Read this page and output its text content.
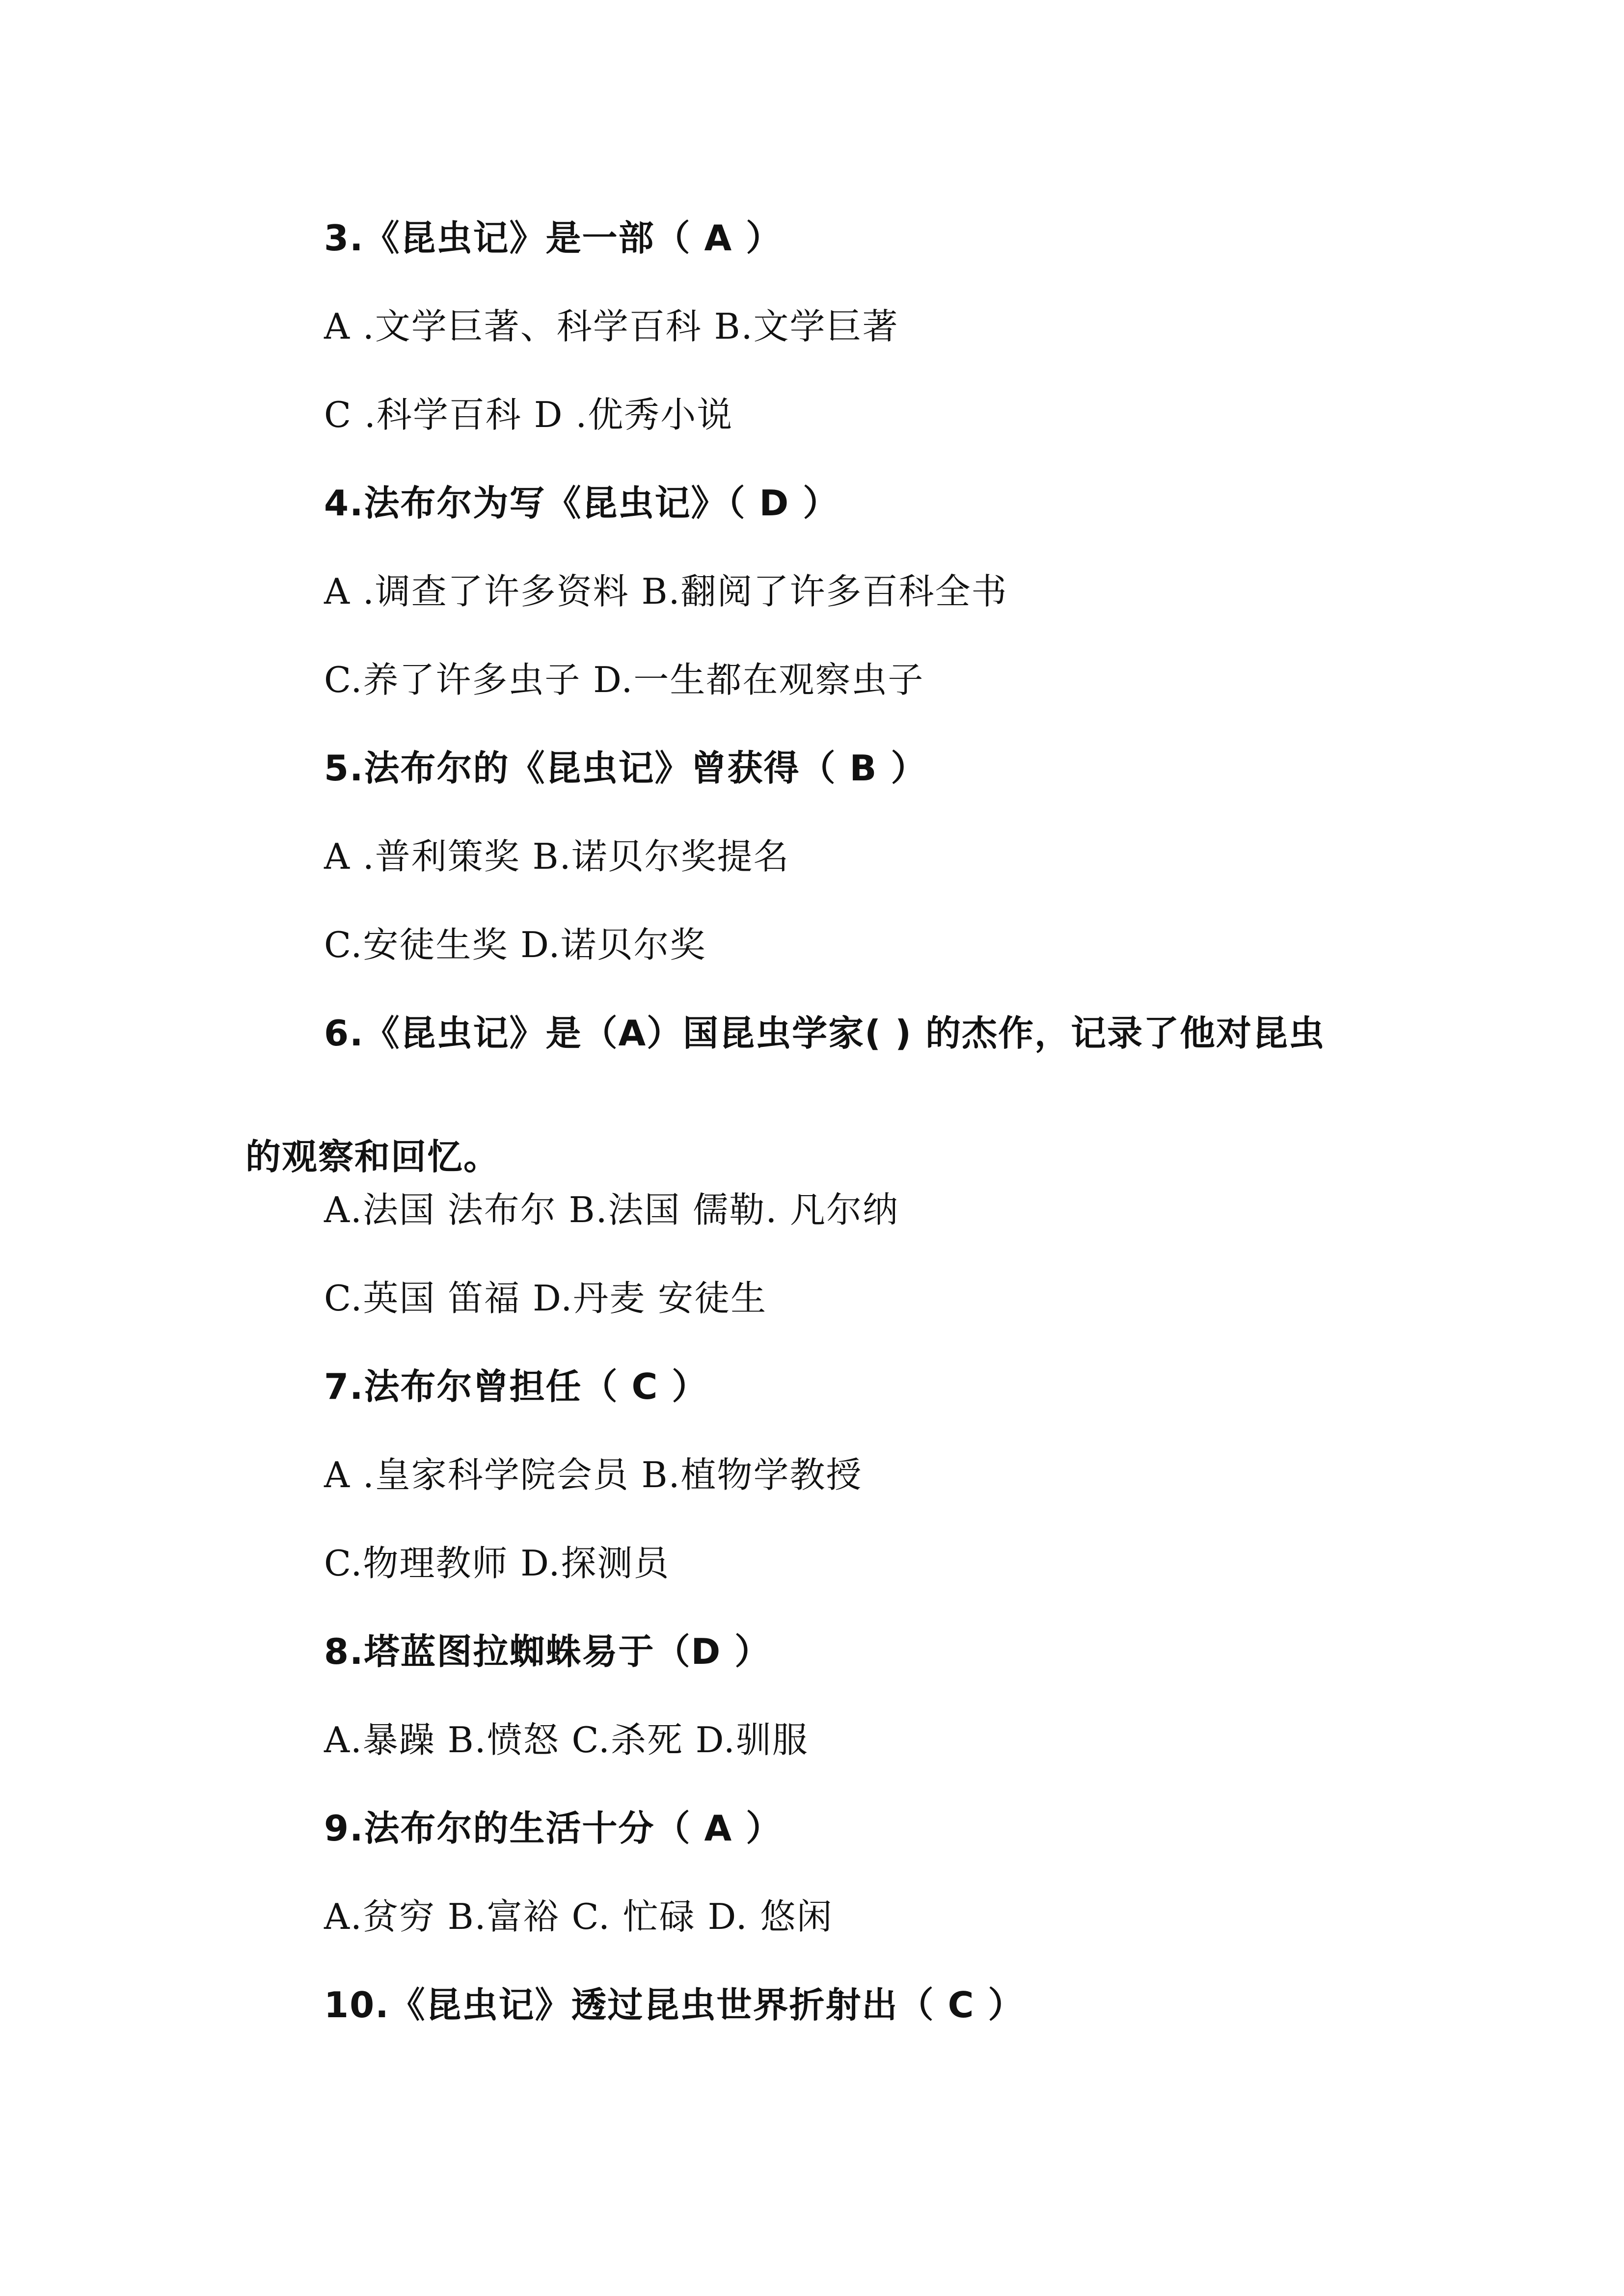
3.《昆虫记》是一部（ A ）

A .文学巨著、科学百科 B.文学巨著

C .科学百科 D .优秀小说

4.法布尔为写《昆虫记》（ D ）

A .调查了许多资料 B.翻阅了许多百科全书

C.养了许多虫子 D.一生都在观察虫子

5.法布尔的《昆虫记》曾获得（ B ）

A .普利策奖 B.诺贝尔奖提名

C.安徒生奖 D.诺贝尔奖

6.《昆虫记》是（A）国昆虫学家( ) 的杰作，记录了他对昆虫

的观察和回忆。

A.法国 法布尔 B.法国 儒勒. 凡尔纳

C.英国 笛福 D.丹麦 安徒生

7.法布尔曾担任（ C ）

A .皇家科学院会员 B.植物学教授

C.物理教师 D.探测员

8.塔蓝图拉蜘蛛易于（D ）

A.暴躁 B.愤怒 C.杀死 D.驯服

9.法布尔的生活十分（ A ）

A.贫穷 B.富裕 C. 忙碌 D. 悠闲

10.《昆虫记》透过昆虫世界折射出（ C ）
